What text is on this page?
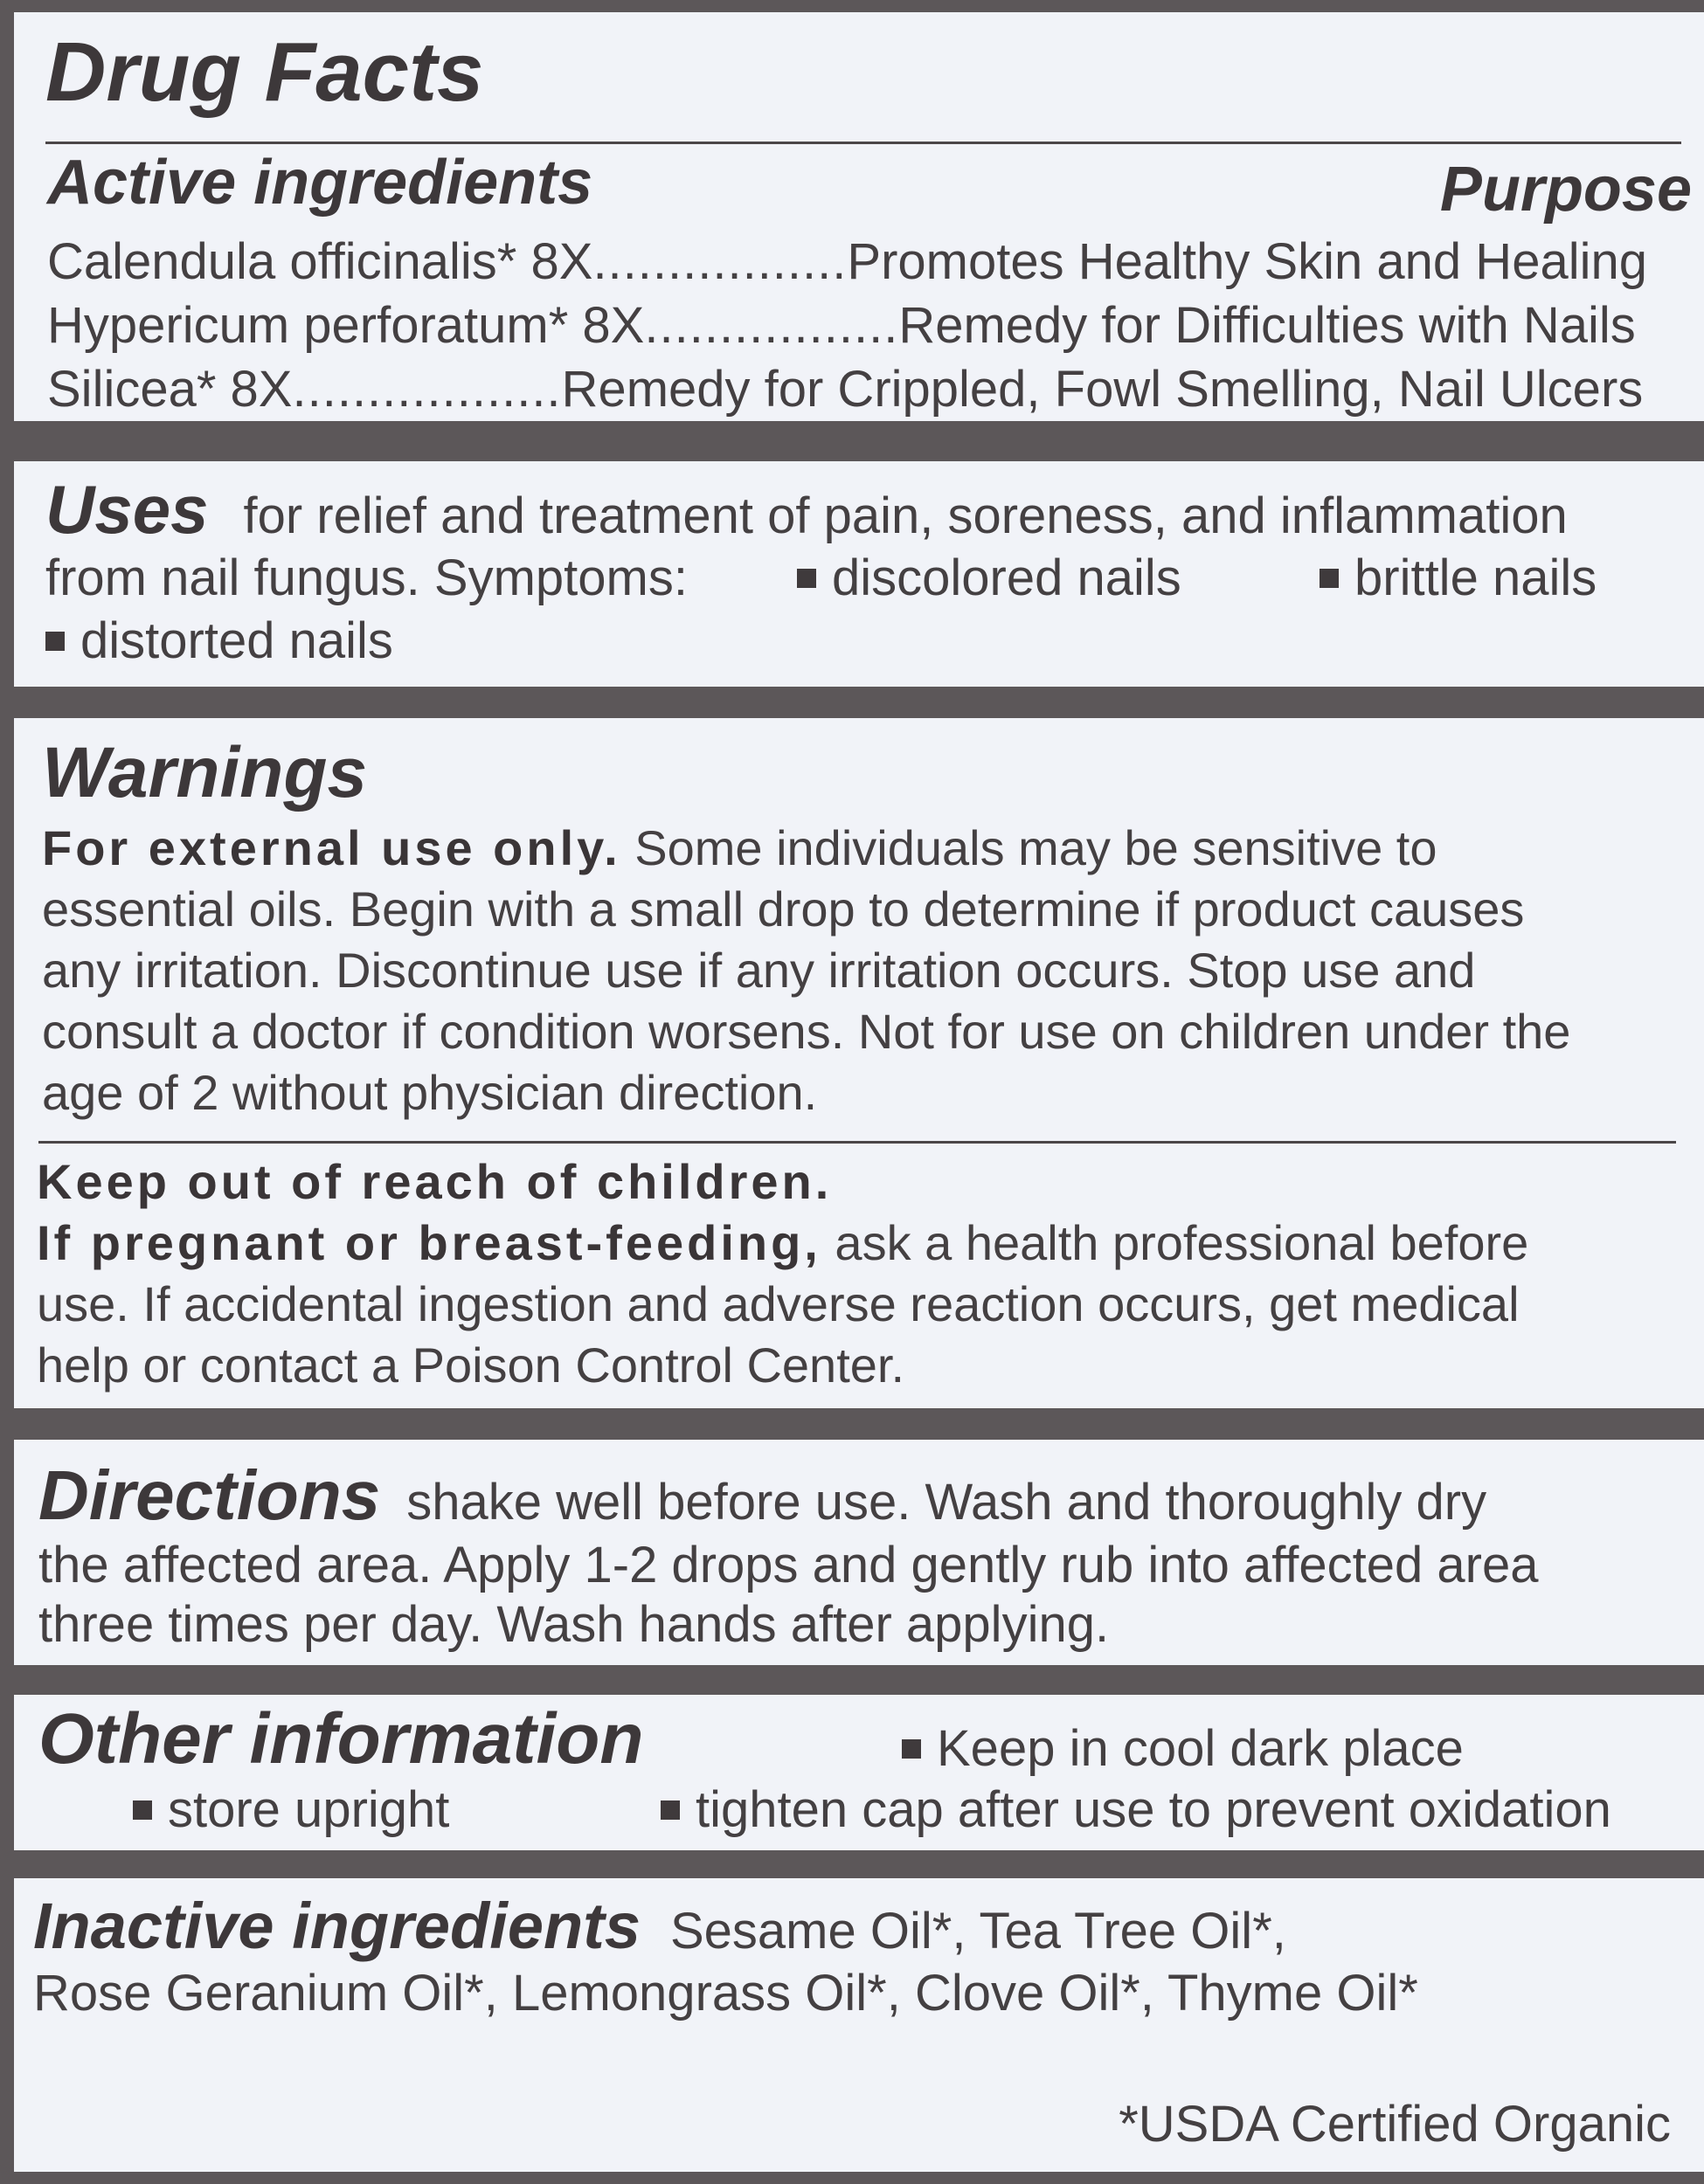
Drug Facts
Active ingredients	Purpose
Calendula officinalis* 8X.................Promotes Healthy Skin and Healing
Hypericum perforatum* 8X.................Remedy for Difficulties with Nails
Silicea* 8X..................Remedy for Crippled, Fowl Smelling, Nail Ulcers
Uses for relief and treatment of pain, soreness, and inflammation
from nail fungus. Symptoms:	discolored nails	brittle nails
distorted nails
Warnings
For external use only. Some individuals may be sensitive to
essential oils. Begin with a small drop to determine if product causes
any irritation. Discontinue use if any irritation occurs. Stop use and
consult a doctor if condition worsens. Not for use on children under the
age of 2 without physician direction.
Keep out of reach of children.
If pregnant or breast-feeding, ask a health professional before
use. If accidental ingestion and adverse reaction occurs, get medical
help or contact a Poison Control Center.
Directions shake well before use. Wash and thoroughly dry
the affected area. Apply 1-2 drops and gently rub into affected area
three times per day. Wash hands after applying.
Other information	Keep in cool dark place
store upright	tighten cap after use to prevent oxidation
Inactive ingredients Sesame Oil*, Tea Tree Oil*,
Rose Geranium Oil*, Lemongrass Oil*, Clove Oil*, Thyme Oil*
*USDA Certified Organic
